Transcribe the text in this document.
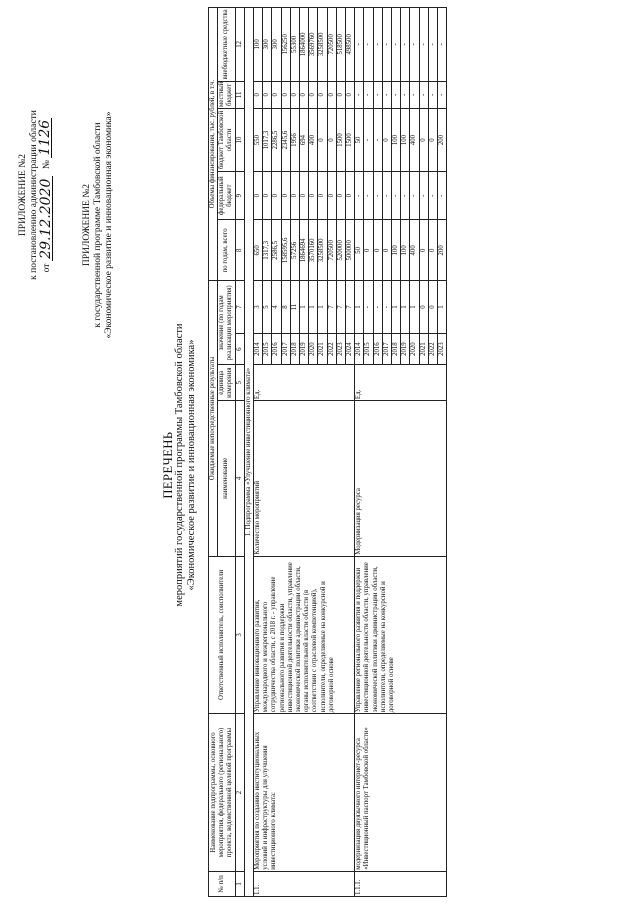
ПРИЛОЖЕНИЕ №2 к постановлению администрации области от 29.12.2020   № 1126
ПРИЛОЖЕНИЕ №2 к государственной программе Тамбовской области «Экономическое развитие и инновационная экономика»
ПЕРЕЧЕНЬ мероприятий государственной программы Тамбовской области «Экономическое развитие и инновационная экономика»
№ п/п	Наименование подпрограммы, основного мероприятия, федерального (регионального) проекта, ведомственной целевой программы	Ответственный исполнитель, соисполнители	Ожидаемые непосредственные результаты				Объемы финансирования, тыс. рублей, в т.ч.				
			наименование	единица измерения	значение (по годам реализации мероприятия)		по годам, всего	федеральный бюджет	бюджет Тамбовской области	местный бюджет	внебюджетные средства
1	2	3	4	5	6	7	8	9	10	11	12
1. Подпрограмма «Улучшение инвестиционного климата»											
1.1.	Мероприятия по созданию институциональных условий и инфраструктуры для улучшения инвестиционного климата:	Управление инновационного развития, международного и межрегионального сотрудничества области, с 2018 г. - управление регионального развития и поддержки инвестиционной деятельности области, управление экономической политики администрации области, органы исполнительной власти области (в соответствии с отраслевой компетенцией), исполнители, определяемые на конкурсной и договорной основе	Количество мероприятий	Ед.	2014	3	650	0	550	0	100
					2015	5	1317,3	0	1017,3	0	300
					2016	4	2586,5	0	2286,5	0	300
					2017	8	158595,6	0	2345,6	0	156250
					2018	11	57256	0	1956	0	55300
					2019	1	1864694	0	694	0	1864000
					2020	1	3570160	0	400	0	3569760
					2021	1	3258500	0	0	0	3258500
					2022	7	720500	0	0	0	720500
					2023	7	520000	0	1500	0	518500
					2024	7	500000	0	1500	0	498500
1.1.1.	модернизация двуязычного интернет-ресурса «Инвестиционный паспорт Тамбовской области»	Управление регионального развития и поддержки инвестиционной деятельности области, управление экономической политики администрации области, исполнители, определяемые на конкурсной и договорной основе	Модернизация ресурса	Ед.	2014	1	50	-	50	-	-
					2015	-	0	-	-	-	-
					2016	-	0	-	-	-	-
					2017	-	0	-	0	-	-
					2018	1	100	-	100	-	-
					2019	1	100	-	100	-	-
					2020	1	400	-	400	-	-
					2021	0	0	-	0	-	-
					2022	0	0	-	0	-	-
					2023	1	200	-	200	-	-
